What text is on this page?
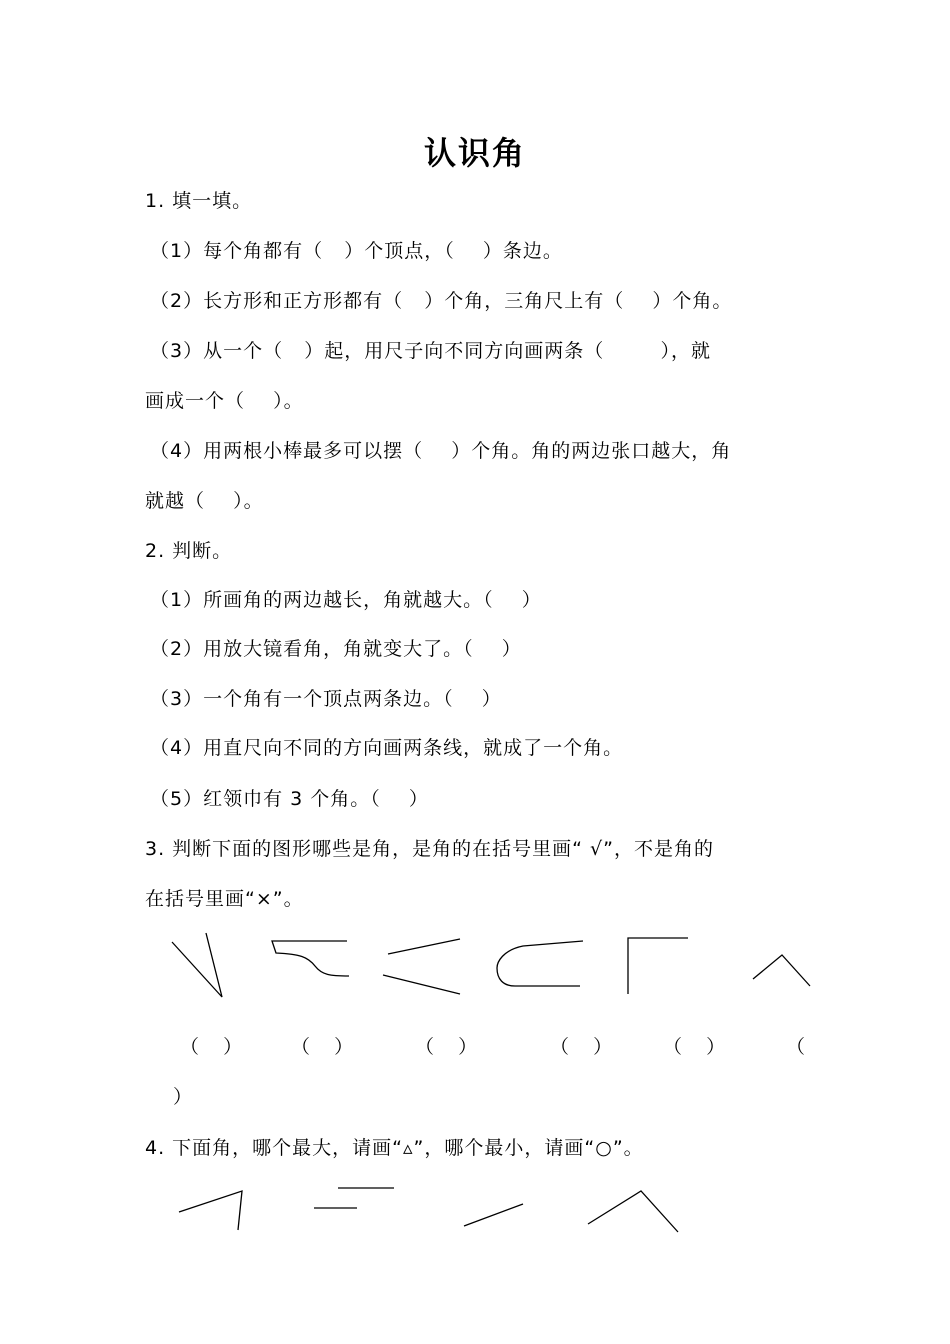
认识角
1. 填一填。
（1）每个角都有（   ）个顶点，（    ）条边。
（2）长方形和正方形都有（   ）个角，三角尺上有（    ）个角。
（3）从一个（   ）起，用尺子向不同方向画两条（        ），就
画成一个（    ）。
（4）用两根小棒最多可以摆（    ）个角。角的两边张口越大，角
就越（    ）。
2. 判断。
（1）所画角的两边越长，角就越大。（    ）
（2）用放大镜看角，角就变大了。（    ）
（3）一个角有一个顶点两条边。（    ）
（4）用直尺向不同的方向画两条线，就成了一个角。
（5）红领巾有 3 个角。（    ）
3. 判断下面的图形哪些是角，是角的在括号里画“ √”，不是角的
在括号里画“×”。
（    ）	（    ）	（    ）	（    ）	（    ）	（
）
4. 下面角，哪个最大，请画“▵”，哪个最小，请画“○”。
